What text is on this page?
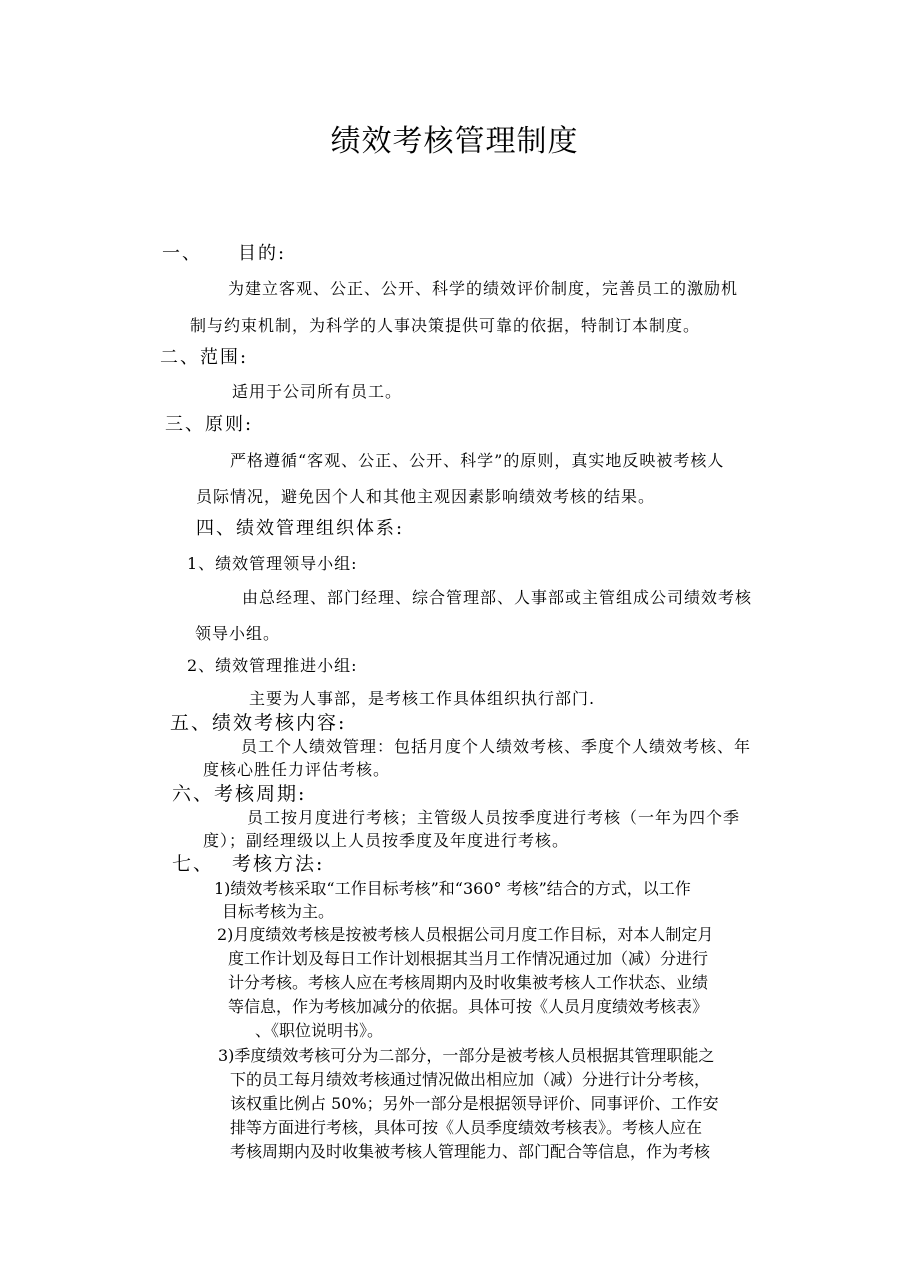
绩效考核管理制度
一、 目的:

为建立客观、公正、公开、科学的绩效评价制度，完善员工的激励机

制与约束机制，为科学的人事决策提供可靠的依据，特制订本制度。

二、范围:

适用于公司所有员工。

三、原则:

严格遵循“客观、公正、公开、科学”的原则，真实地反映被考核人

员际情况，避免因个人和其他主观因素影响绩效考核的结果。

四、绩效管理组织体系:

1、绩效管理领导小组:

由总经理、部门经理、综合管理部、人事部或主管组成公司绩效考核

领导小组。

2、绩效管理推进小组:

主要为人事部，是考核工作具体组织执行部门.

五、绩效考核内容:

员工个人绩效管理：包括月度个人绩效考核、季度个人绩效考核、年

度核心胜任力评估考核。

六、考核周期:

员工按月度进行考核；主管级人员按季度进行考核（一年为四个季

度）；副经理级以上人员按季度及年度进行考核。

七、 考核方法:

1)绩效考核采取“工作目标考核”和“360° 考核”结合的方式，以工作

目标考核为主。

2)月度绩效考核是按被考核人员根据公司月度工作目标，对本人制定月

度工作计划及每日工作计划根据其当月工作情况通过加（减）分进行

计分考核。考核人应在考核周期内及时收集被考核人工作状态、业绩

等信息，作为考核加减分的依据。具体可按《人员月度绩效考核表》

、《职位说明书》。

3)季度绩效考核可分为二部分，一部分是被考核人员根据其管理职能之

下的员工每月绩效考核通过情况做出相应加（减）分进行计分考核，

该权重比例占 50%；另外一部分是根据领导评价、同事评价、工作安

排等方面进行考核，具体可按《人员季度绩效考核表》。考核人应在

考核周期内及时收集被考核人管理能力、部门配合等信息，作为考核
